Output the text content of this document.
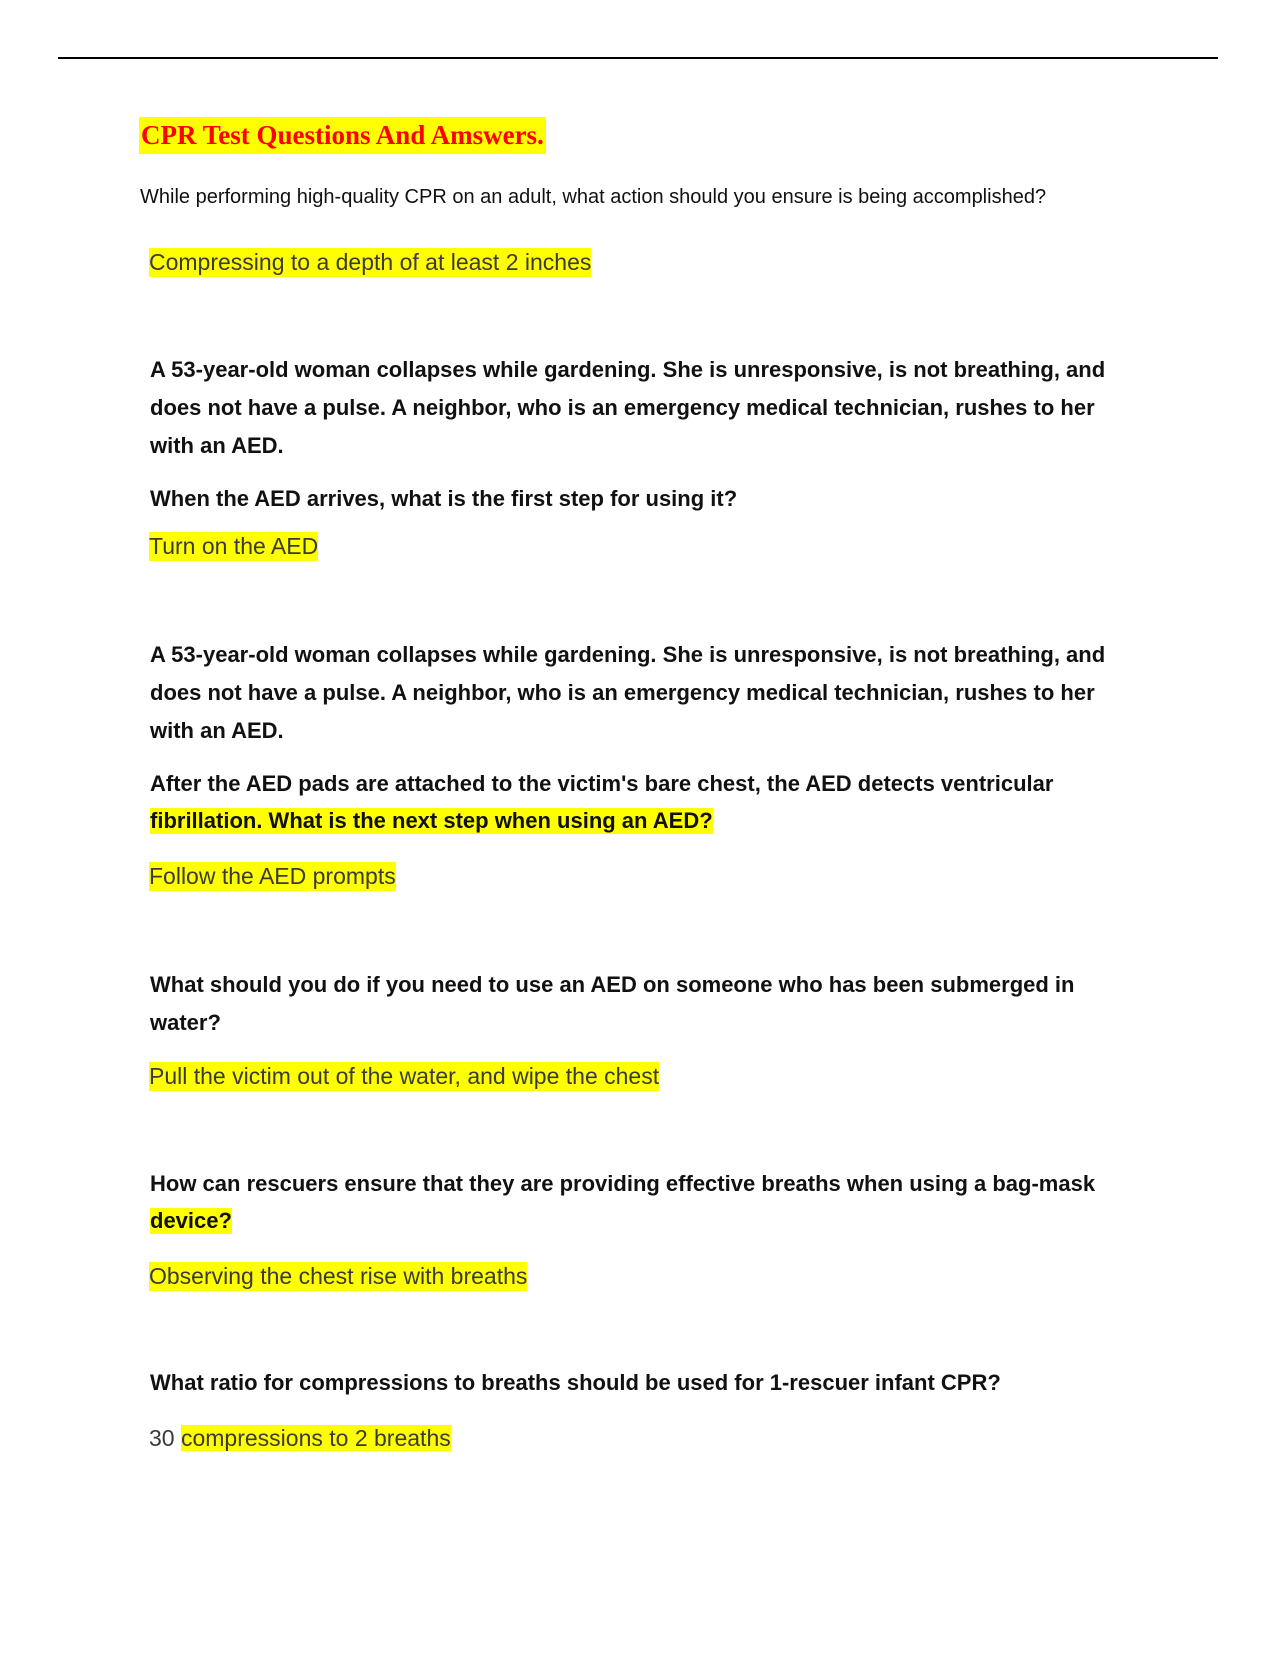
CPR Test Questions And Amswers.
While performing high-quality CPR on an adult, what action should you ensure is being accomplished?
Compressing to a depth of at least 2 inches
A 53-year-old woman collapses while gardening. She is unresponsive, is not breathing, and
does not have a pulse. A neighbor, who is an emergency medical technician, rushes to her
with an AED.
When the AED arrives, what is the first step for using it?
Turn on the AED
A 53-year-old woman collapses while gardening. She is unresponsive, is not breathing, and
does not have a pulse. A neighbor, who is an emergency medical technician, rushes to her
with an AED.
After the AED pads are attached to the victim's bare chest, the AED detects ventricular
fibrillation. What is the next step when using an AED?
Follow the AED prompts
What should you do if you need to use an AED on someone who has been submerged in
water?
Pull the victim out of the water, and wipe the chest
How can rescuers ensure that they are providing effective breaths when using a bag-mask
device?
Observing the chest rise with breaths
What ratio for compressions to breaths should be used for 1-rescuer infant CPR?
30 compressions to 2 breaths
